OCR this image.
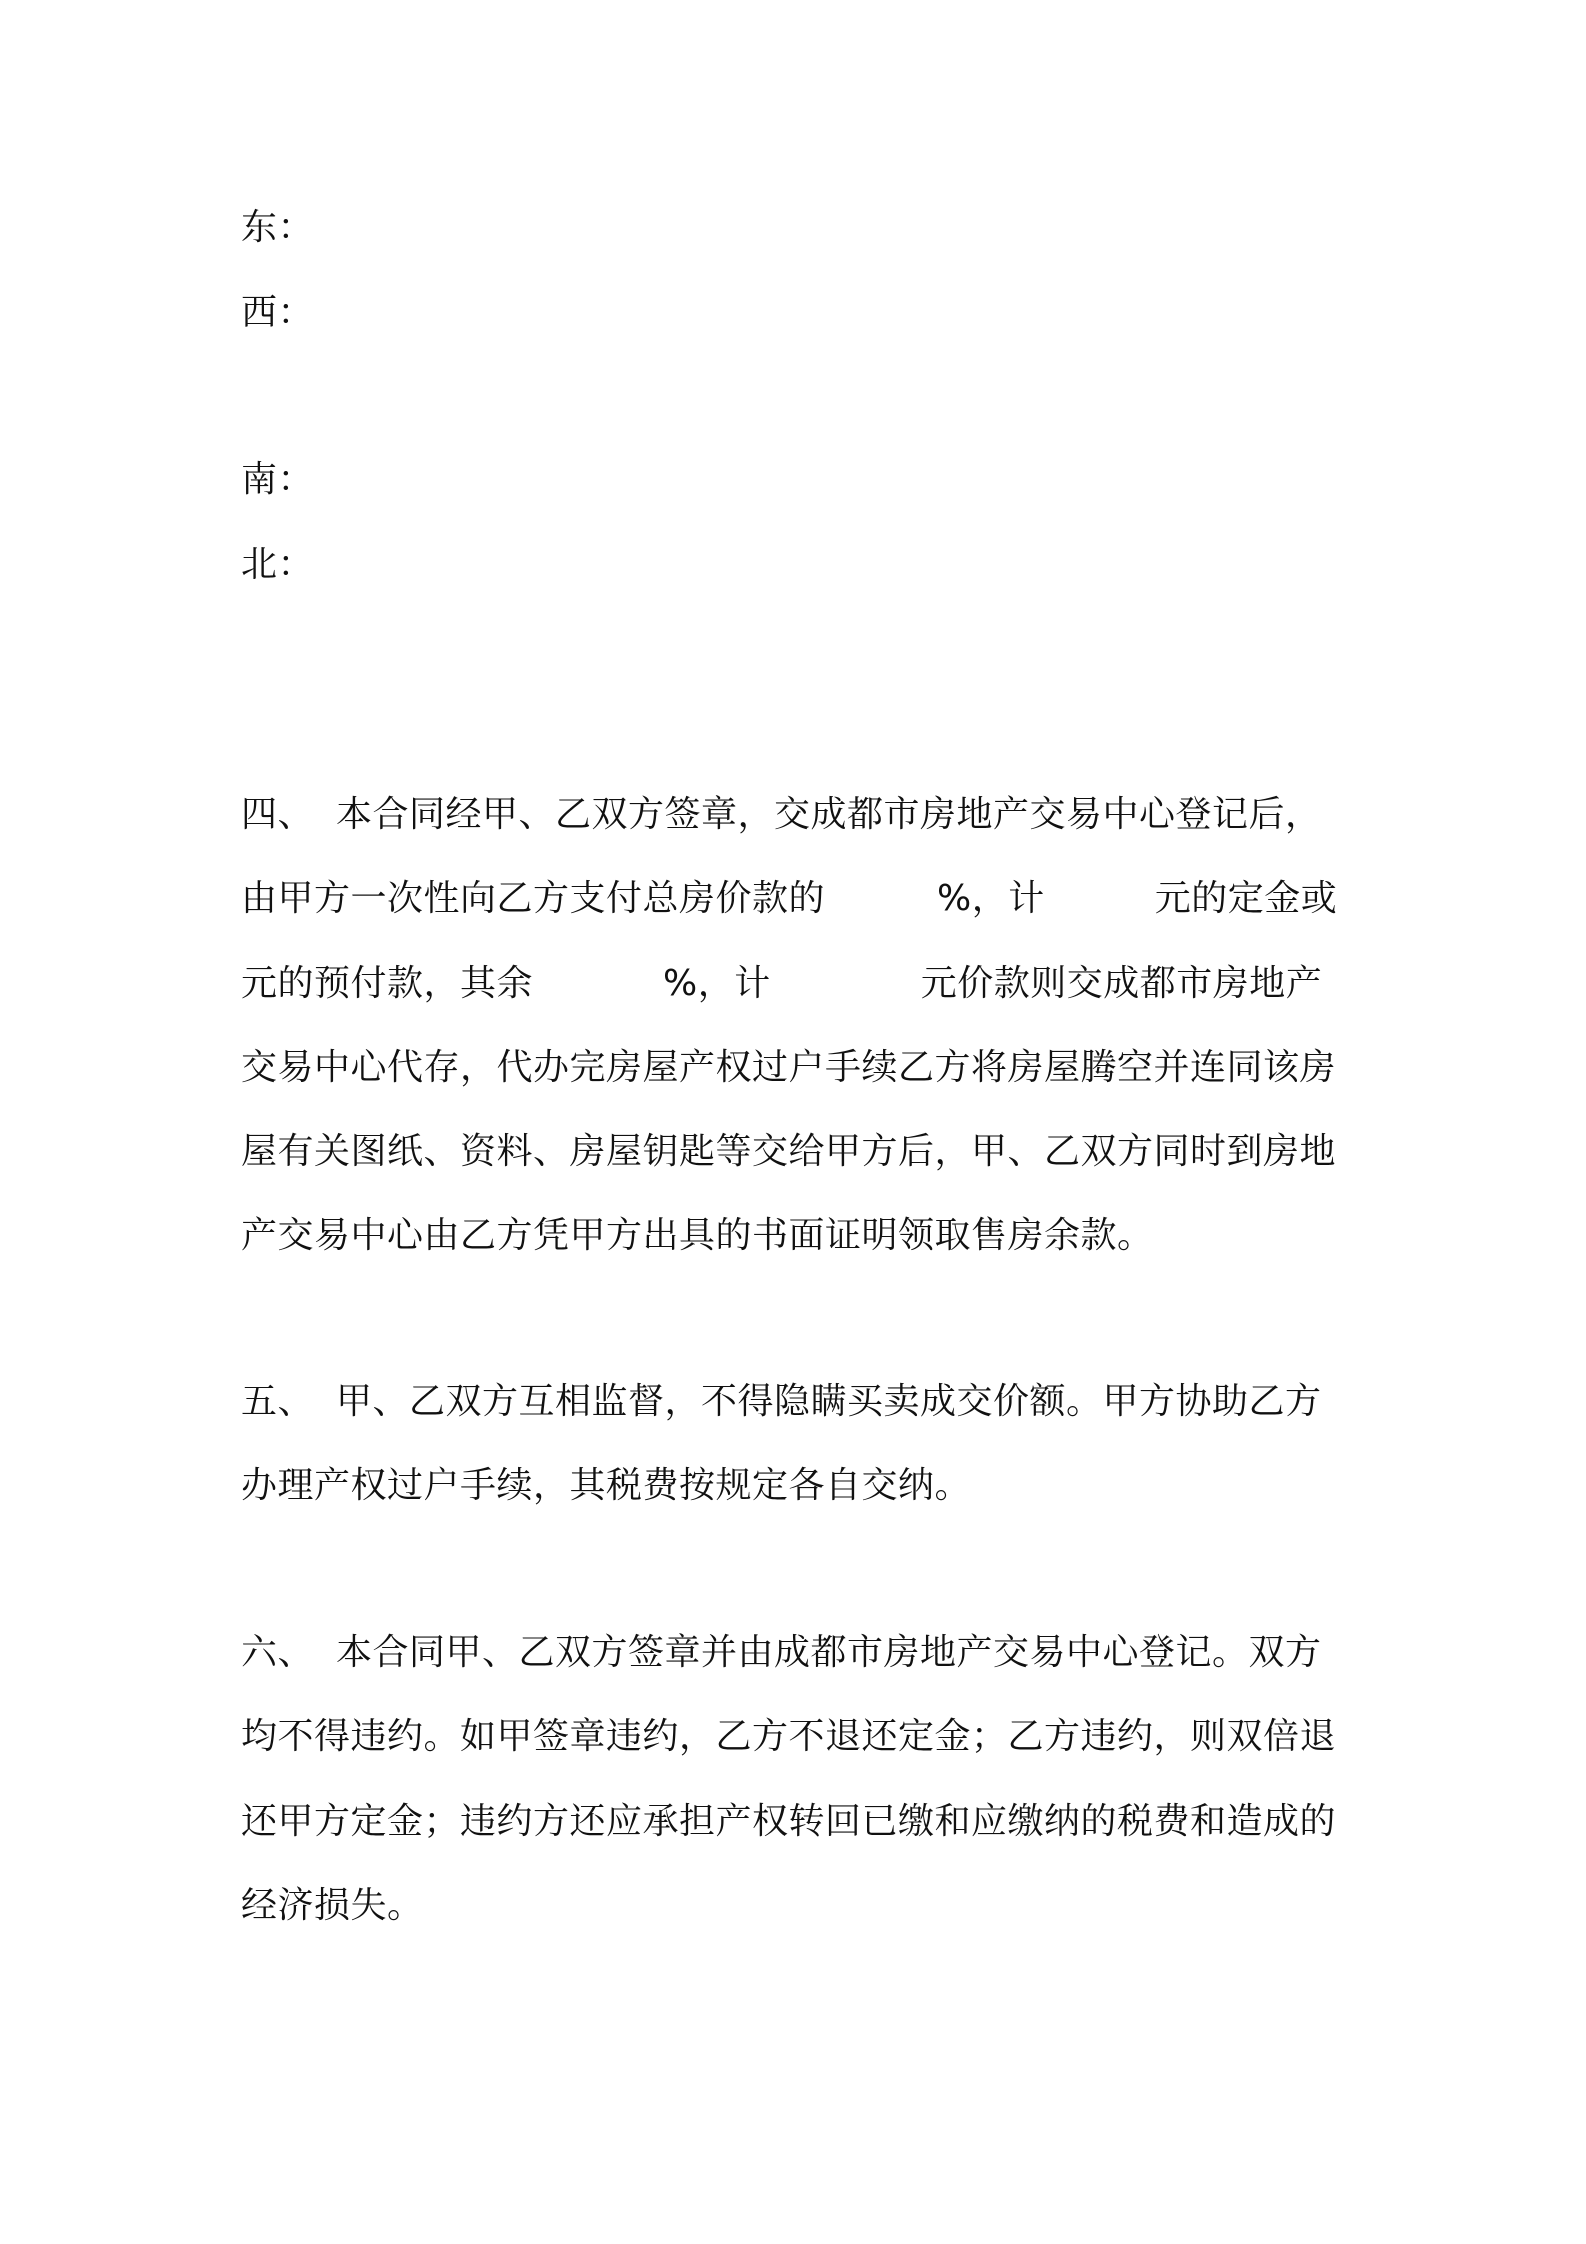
东：
西：
南：
北：
四、 本合同经甲、乙双方签章，交成都市房地产交易中心登记后，
由甲方一次性向乙方支付总房价款的	%，计	元的定金或
元的预付款，其余	%，计	元价款则交成都市房地产
交易中心代存，代办完房屋产权过户手续乙方将房屋腾空并连同该房
屋有关图纸、资料、房屋钥匙等交给甲方后，甲、乙双方同时到房地
产交易中心由乙方凭甲方出具的书面证明领取售房余款。
五、 甲、乙双方互相监督，不得隐瞒买卖成交价额。甲方协助乙方
办理产权过户手续，其税费按规定各自交纳。
六、 本合同甲、乙双方签章并由成都市房地产交易中心登记。双方
均不得违约。如甲签章违约，乙方不退还定金；乙方违约，则双倍退
还甲方定金；违约方还应承担产权转回已缴和应缴纳的税费和造成的
经济损失。
